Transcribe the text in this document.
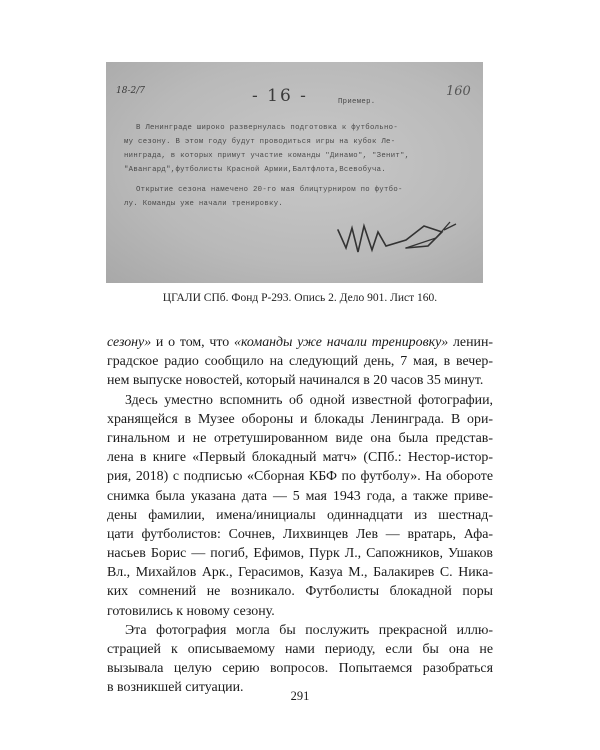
18-2/7	- 16 -	Приемер.
160
В Ленинграде широко развернулась подготовка к футбольно-
му сезону. В этом году будут проводиться игры на кубок Ле-
нинграда, в которых примут участие команды "Динамо", "Зенит",
"Авангард",футболисты Красной Армии,Балтфлота,Всевобуча.
Открытие сезона намечено 20-го мая блицтурниром по футбо-
лу. Команды уже начали тренировку.
ЦГАЛИ СПб. Фонд Р-293. Опись 2. Дело 901. Лист 160.
сезону» и о том, что «команды уже начали тренировку» ленин-
градское радио сообщило на следующий день, 7 мая, в вечер-
нем выпуске новостей, который начинался в 20 часов 35 минут.
Здесь уместно вспомнить об одной известной фотографии,
хранящейся в Музее обороны и блокады Ленинграда. В ори-
гинальном и не отретушированном виде она была представ-
лена в книге «Первый блокадный матч» (СПб.: Нестор-истор-
рия, 2018) с подписью «Сборная КБФ по футболу». На обороте
снимка была указана дата — 5 мая 1943 года, а также приве-
дены фамилии, имена/инициалы одиннадцати из шестнад-
цати футболистов: Сочнев, Лихвинцев Лев — вратарь, Афа-
насьев Борис — погиб, Ефимов, Пурк Л., Сапожников, Ушаков
Вл., Михайлов Арк., Герасимов, Казуа М., Балакирев С. Ника-
ких сомнений не возникало. Футболисты блокадной поры
готовились к новому сезону.
Эта фотография могла бы послужить прекрасной иллю-
страцией к описываемому нами периоду, если бы она не
вызывала целую серию вопросов. Попытаемся разобраться
в возникшей ситуации.
291
